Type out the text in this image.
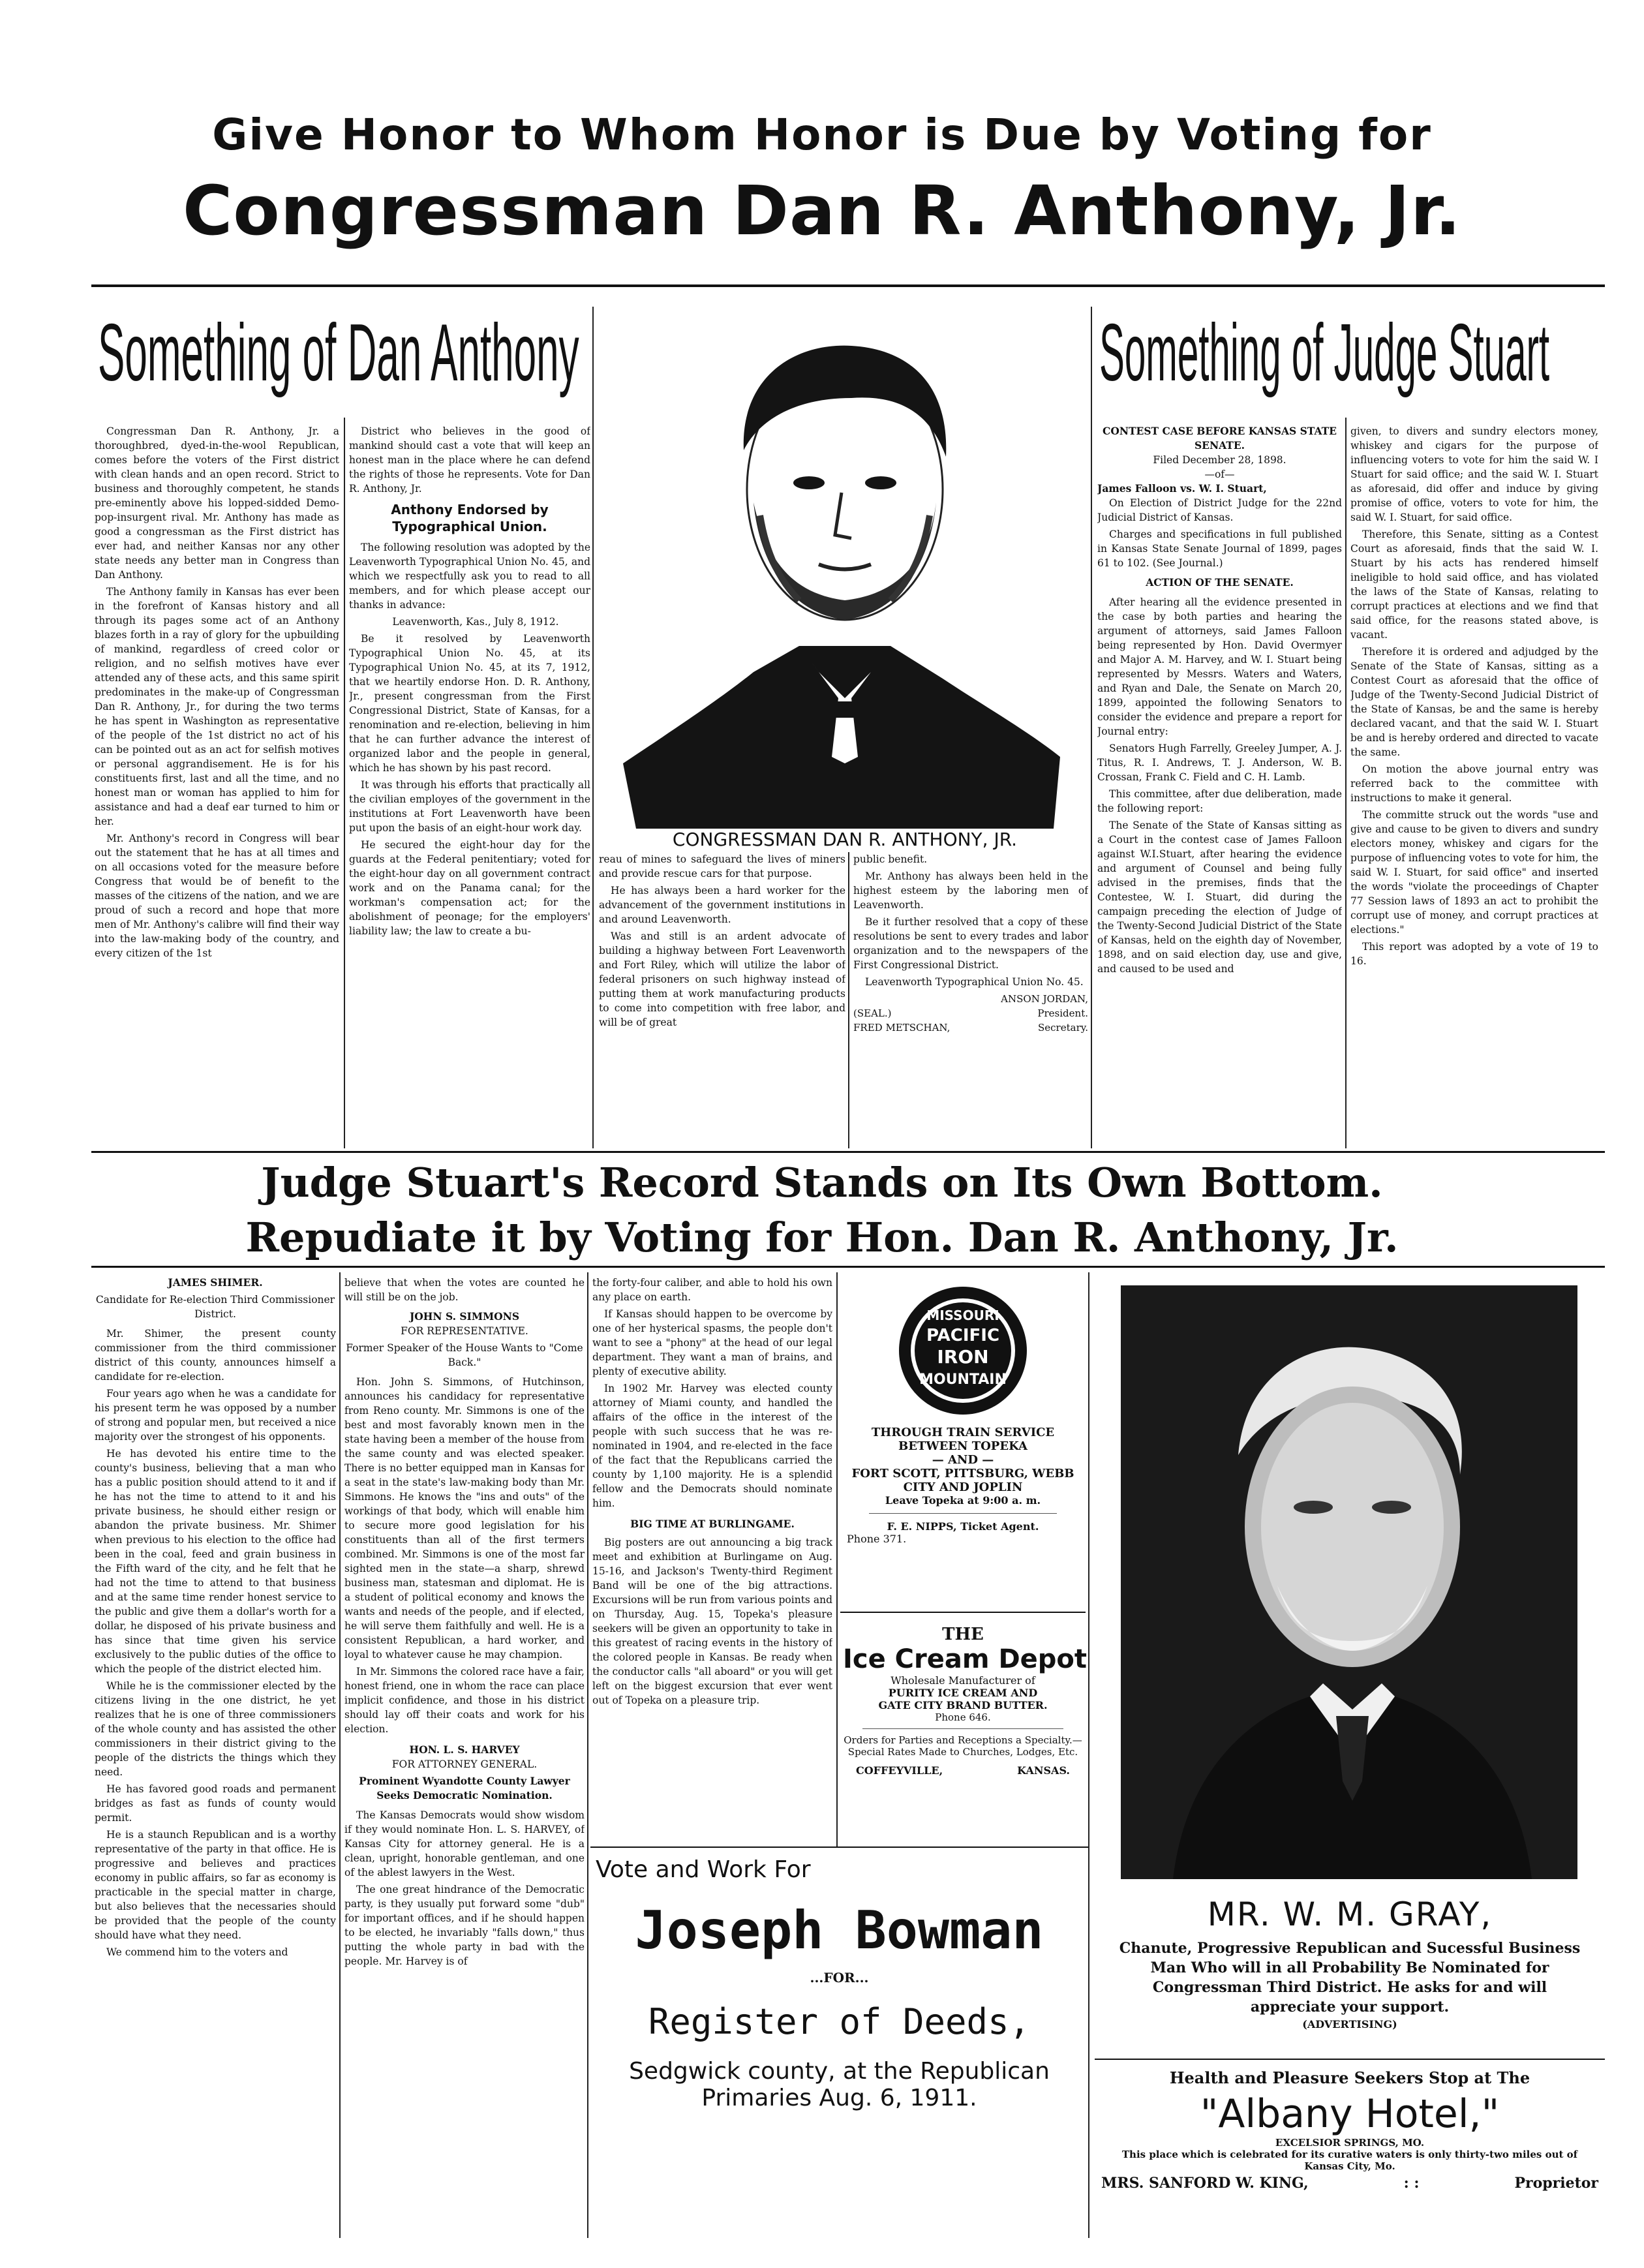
Give Honor to Whom Honor is Due by Voting for
Congressman Dan R. Anthony, Jr.
Something of Dan Anthony

Congressman Dan R. Anthony, Jr. a thoroughbred, dyed-in-the-wool Republican, comes before the voters of the First district with clean hands and an open record. Strict to business and thoroughly competent, he stands pre-eminently above his lopped-sidded Demo-pop-insurgent rival. Mr. Anthony has made as good a congressman as the First district has ever had, and neither Kansas nor any other state needs any better man in Congress than Dan Anthony.

The Anthony family in Kansas has ever been in the forefront of Kansas history and all through its pages some act of an Anthony blazes forth in a ray of glory for the upbuilding of mankind, regardless of creed color or religion, and no selfish motives have ever attended any of these acts, and this same spirit predominates in the make-up of Congressman Dan R. Anthony, Jr., for during the two terms he has spent in Washington as representative of the people of the 1st district no act of his can be pointed out as an act for selfish motives or personal aggrandisement. He is for his constituents first, last and all the time, and no honest man or woman has applied to him for assistance and had a deaf ear turned to him or her.

Mr. Anthony's record in Congress will bear out the statement that he has at all times and on all occasions voted for the measure before Congress that would be of benefit to the masses of the citizens of the nation, and we are proud of such a record and hope that more men of Mr. Anthony's calibre will find their way into the law-making body of the country, and every citizen of the 1st

District who believes in the good of mankind should cast a vote that will keep an honest man in the place where he can defend the rights of those he represents. Vote for Dan R. Anthony, Jr.

Anthony Endorsed by Typographical Union.

The following resolution was adopted by the Leavenworth Typographical Union No. 45, and which we respectfully ask you to read to all members, and for which please accept our thanks in advance:

Leavenworth, Kas., July 8, 1912.

Be it resolved by Leavenworth Typographical Union No. 45, at its Typographical Union No. 45, at its 7, 1912, that we heartily endorse Hon. D. R. Anthony, Jr., present congressman from the First Congressional District, State of Kansas, for a renomination and re-election, believing in him that he can further advance the interest of organized labor and the people in general, which he has shown by his past record.

It was through his efforts that practically all the civilian employes of the government in the institutions at Fort Leavenworth have been put upon the basis of an eight-hour work day.

He secured the eight-hour day for the guards at the Federal penitentiary; voted for the eight-hour day on all government contract work and on the Panama canal; for the workman's compensation act; for the abolishment of peonage; for the employers' liability law; the law to create a bu-

CONGRESSMAN DAN R. ANTHONY, JR.

reau of mines to safeguard the lives of miners and provide rescue cars for that purpose.

He has always been a hard worker for the advancement of the government institutions in and around Leavenworth.

Was and still is an ardent advocate of building a highway between Fort Leavenworth and Fort Riley, which will utilize the labor of federal prisoners on such highway instead of putting them at work manufacturing products to come into competition with free labor, and will be of great

public benefit.

Mr. Anthony has always been held in the highest esteem by the laboring men of Leavenworth.

Be it further resolved that a copy of these resolutions be sent to every trades and labor organization and to the newspapers of the First Congressional District.

Leavenworth Typographical Union No. 45.

ANSON JORDAN,
(SEAL.)	President.
FRED METSCHAN,	Secretary.
Something of Judge Stuart
CONTEST CASE BEFORE KANSAS STATE SENATE.
Filed December 28, 1898.
—of—
James Falloon vs. W. I. Stuart,

On Election of District Judge for the 22nd Judicial District of Kansas.

Charges and specifications in full published in Kansas State Senate Journal of 1899, pages 61 to 102. (See Journal.)

ACTION OF THE SENATE.

After hearing all the evidence presented in the case by both parties and hearing the argument of attorneys, said James Falloon being represented by Hon. David Overmyer and Major A. M. Harvey, and W. I. Stuart being represented by Messrs. Waters and Waters, and Ryan and Dale, the Senate on March 20, 1899, appointed the following Senators to consider the evidence and prepare a report for Journal entry:

Senators Hugh Farrelly, Greeley Jumper, A. J. Titus, R. I. Andrews, T. J. Anderson, W. B. Crossan, Frank C. Field and C. H. Lamb.

This committee, after due deliberation, made the following report:

The Senate of the State of Kansas sitting as a Court in the contest case of James Falloon against W.I.Stuart, after hearing the evidence and argument of Counsel and being fully advised in the premises, finds that the Contestee, W. I. Stuart, did during the campaign preceding the election of Judge of the Twenty-Second Judicial District of the State of Kansas, held on the eighth day of November, 1898, and on said election day, use and give, and caused to be used and

given, to divers and sundry electors money, whiskey and cigars for the purpose of influencing voters to vote for him the said W. I Stuart for said office; and the said W. I. Stuart as aforesaid, did offer and induce by giving promise of office, voters to vote for him, the said W. I. Stuart, for said office.

Therefore, this Senate, sitting as a Contest Court as aforesaid, finds that the said W. I. Stuart by his acts has rendered himself ineligible to hold said office, and has violated the laws of the State of Kansas, relating to corrupt practices at elections and we find that said office, for the reasons stated above, is vacant.

Therefore it is ordered and adjudged by the Senate of the State of Kansas, sitting as a Contest Court as aforesaid that the office of Judge of the Twenty-Second Judicial District of the State of Kansas, be and the same is hereby declared vacant, and that the said W. I. Stuart be and is hereby ordered and directed to vacate the same.

On motion the above journal entry was referred back to the committee with instructions to make it general.

The committe struck out the words "use and give and cause to be given to divers and sundry electors money, whiskey and cigars for the purpose of influencing votes to vote for him, the said W. I. Stuart, for said office" and inserted the words "violate the proceedings of Chapter 77 Session laws of 1893 an act to prohibit the corrupt use of money, and corrupt practices at elections."

This report was adopted by a vote of 19 to 16.

Judge Stuart's Record Stands on Its Own Bottom.
Repudiate it by Voting for Hon. Dan R. Anthony, Jr.
JAMES SHIMER.
Candidate for Re-election Third Commissioner District.

Mr. Shimer, the present county commissioner from the third commissioner district of this county, announces himself a candidate for re-election.

Four years ago when he was a candidate for his present term he was opposed by a number of strong and popular men, but received a nice majority over the strongest of his opponents.

He has devoted his entire time to the county's business, believing that a man who has a public position should attend to it and if he has not the time to attend to it and his private business, he should either resign or abandon the private business. Mr. Shimer when previous to his election to the office had been in the coal, feed and grain business in the Fifth ward of the city, and he felt that he had not the time to attend to that business and at the same time render honest service to the public and give them a dollar's worth for a dollar, he disposed of his private business and has since that time given his service exclusively to the public duties of the office to which the people of the district elected him.

While he is the commissioner elected by the citizens living in the one district, he yet realizes that he is one of three commissioners of the whole county and has assisted the other commissioners in their district giving to the people of the districts the things which they need.

He has favored good roads and permanent bridges as fast as funds of county would permit.

He is a staunch Republican and is a worthy representative of the party in that office. He is progressive and believes and practices economy in public affairs, so far as economy is practicable in the special matter in charge, but also believes that the necessaries should be provided that the people of the county should have what they need.

We commend him to the voters and

believe that when the votes are counted he will still be on the job.

JOHN S. SIMMONS
FOR REPRESENTATIVE.
Former Speaker of the House Wants to "Come Back."

Hon. John S. Simmons, of Hutchinson, announces his candidacy for representative from Reno county. Mr. Simmons is one of the best and most favorably known men in the state having been a member of the house from the same county and was elected speaker. There is no better equipped man in Kansas for a seat in the state's law-making body than Mr. Simmons. He knows the "ins and outs" of the workings of that body, which will enable him to secure more good legislation for his constituents than all of the first termers combined. Mr. Simmons is one of the most far sighted men in the state—a sharp, shrewd business man, statesman and diplomat. He is a student of political economy and knows the wants and needs of the people, and if elected, he will serve them faithfully and well. He is a consistent Republican, a hard worker, and loyal to whatever cause he may champion.

In Mr. Simmons the colored race have a fair, honest friend, one in whom the race can place implicit confidence, and those in his district should lay off their coats and work for his election.

HON. L. S. HARVEY
FOR ATTORNEY GENERAL.
Prominent Wyandotte County Lawyer Seeks Democratic Nomination.

The Kansas Democrats would show wisdom if they would nominate Hon. L. S. HARVEY, of Kansas City for attorney general. He is a clean, upright, honorable gentleman, and one of the ablest lawyers in the West.

The one great hindrance of the Democratic party, is they usually put forward some "dub" for important offices, and if he should happen to be elected, he invariably "falls down," thus putting the whole party in bad with the people. Mr. Harvey is of

the forty-four caliber, and able to hold his own any place on earth.

If Kansas should happen to be overcome by one of her hysterical spasms, the people don't want to see a "phony" at the head of our legal department. They want a man of brains, and plenty of executive ability.

In 1902 Mr. Harvey was elected county attorney of Miami county, and handled the affairs of the office in the interest of the people with such success that he was re-nominated in 1904, and re-elected in the face of the fact that the Republicans carried the county by 1,100 majority. He is a splendid fellow and the Democrats should nominate him.

BIG TIME AT BURLINGAME.

Big posters are out announcing a big track meet and exhibition at Burlingame on Aug. 15-16, and Jackson's Twenty-third Regiment Band will be one of the big attractions. Excursions will be run from various points and on Thursday, Aug. 15, Topeka's pleasure seekers will be given an opportunity to take in this greatest of racing events in the history of the colored people in Kansas. Be ready when the conductor calls "all aboard" or you will get left on the biggest excursion that ever went out of Topeka on a pleasure trip.

MISSOURI
PACIFIC
IRON
MOUNTAIN
THROUGH TRAIN SERVICE
BETWEEN TOPEKA
— AND —
FORT SCOTT, PITTSBURG, WEBB CITY AND JOPLIN
Leave Topeka at 9:00 a. m.
F. E. NIPPS, Ticket Agent.
Phone 371.
THE
Ice Cream Depot
Wholesale Manufacturer of
PURITY ICE CREAM AND
GATE CITY BRAND BUTTER.
Phone 646.
Orders for Parties and Receptions a Specialty.—Special Rates Made to Churches, Lodges, Etc.
COFFEYVILLE,	KANSAS.
Vote and Work For
Joseph Bowman
...FOR...
Register of Deeds,
Sedgwick county, at the Republican
Primaries Aug. 6, 1911.
MR. W. M. GRAY,
Chanute, Progressive Republican and Sucessful Business Man Who will in all Probability Be Nominated for Congressman Third District. He asks for and will appreciate your support.
(ADVERTISING)
Health and Pleasure Seekers Stop at The
"Albany Hotel,"
EXCELSIOR SPRINGS, MO.
This place which is celebrated for its curative waters is only thirty-two miles out of Kansas City, Mo.
MRS. SANFORD W. KING,	: :	Proprietor
